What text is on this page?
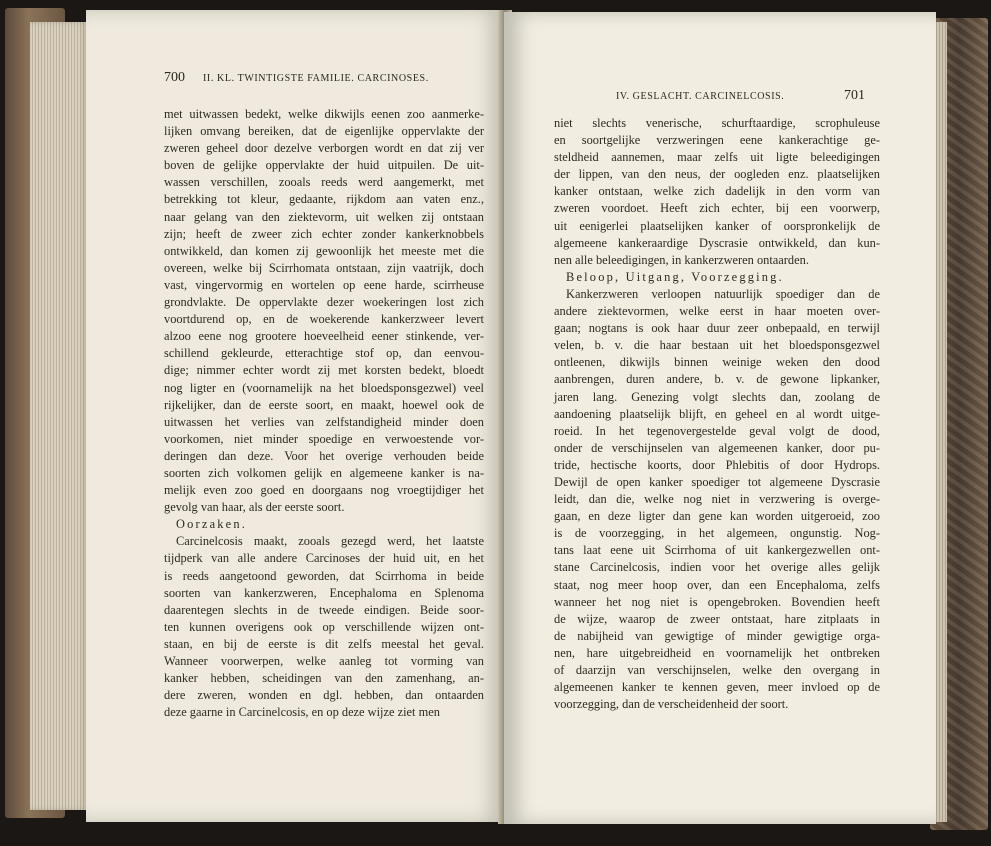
700 II. KL. TWINTIGSTE FAMILIE. CARCINOSES.
met uitwassen bedekt, welke dikwijls eenen zoo aanmerke-
lijken omvang bereiken, dat de eigenlijke oppervlakte der
zweren geheel door dezelve verborgen wordt en dat zij ver
boven de gelijke oppervlakte der huid uitpuilen. De uit-
wassen verschillen, zooals reeds werd aangemerkt, met
betrekking tot kleur, gedaante, rijkdom aan vaten enz.,
naar gelang van den ziektevorm, uit welken zij ontstaan
zijn; heeft de zweer zich echter zonder kankerknobbels
ontwikkeld, dan komen zij gewoonlijk het meeste met die
overeen, welke bij Scirrhomata ontstaan, zijn vaatrijk, doch
vast, vingervormig en wortelen op eene harde, scirrheuse
grondvlakte. De oppervlakte dezer woekeringen lost zich
voortdurend op, en de woekerende kankerzweer levert
alzoo eene nog grootere hoeveelheid eener stinkende, ver-
schillend gekleurde, etterachtige stof op, dan eenvou-
dige; nimmer echter wordt zij met korsten bedekt, bloedt
nog ligter en (voornamelijk na het bloedsponsgezwel) veel
rijkelijker, dan de eerste soort, en maakt, hoewel ook de
uitwassen het verlies van zelfstandigheid minder doen
voorkomen, niet minder spoedige en verwoestende vor-
deringen dan deze. Voor het overige verhouden beide
soorten zich volkomen gelijk en algemeene kanker is na-
melijk even zoo goed en doorgaans nog vroegtijdiger het
gevolg van haar, als der eerste soort.
Oorzaken.
Carcinelcosis maakt, zooals gezegd werd, het laatste
tijdperk van alle andere Carcinoses der huid uit, en het
is reeds aangetoond geworden, dat Scirrhoma in beide
soorten van kankerzweren, Encephaloma en Splenoma
daarentegen slechts in de tweede eindigen. Beide soor-
ten kunnen overigens ook op verschillende wijzen ont-
staan, en bij de eerste is dit zelfs meestal het geval.
Wanneer voorwerpen, welke aanleg tot vorming van
kanker hebben, scheidingen van den zamenhang, an-
dere zweren, wonden en dgl. hebben, dan ontaarden
deze gaarne in Carcinelcosis, en op deze wijze ziet men
IV. GESLACHT. CARCINELCOSIS.	701
niet slechts venerische, schurftaardige, scrophuleuse
en soortgelijke verzweringen eene kankerachtige ge-
steldheid aannemen, maar zelfs uit ligte beleedigingen
der lippen, van den neus, der oogleden enz. plaatselijken
kanker ontstaan, welke zich dadelijk in den vorm van
zweren voordoet. Heeft zich echter, bij een voorwerp,
uit eenigerlei plaatselijken kanker of oorspronkelijk de
algemeene kankeraardige Dyscrasie ontwikkeld, dan kun-
nen alle beleedigingen, in kankerzweren ontaarden.
Beloop, Uitgang, Voorzegging.
Kankerzweren verloopen natuurlijk spoediger dan de
andere ziektevormen, welke eerst in haar moeten over-
gaan; nogtans is ook haar duur zeer onbepaald, en terwijl
velen, b. v. die haar bestaan uit het bloedsponsgezwel
ontleenen, dikwijls binnen weinige weken den dood
aanbrengen, duren andere, b. v. de gewone lipkanker,
jaren lang. Genezing volgt slechts dan, zoolang de
aandoening plaatselijk blijft, en geheel en al wordt uitge-
roeid. In het tegenovergestelde geval volgt de dood,
onder de verschijnselen van algemeenen kanker, door pu-
tride, hectische koorts, door Phlebitis of door Hydrops.
Dewijl de open kanker spoediger tot algemeene Dyscrasie
leidt, dan die, welke nog niet in verzwering is overge-
gaan, en deze ligter dan gene kan worden uitgeroeid, zoo
is de voorzegging, in het algemeen, ongunstig. Nog-
tans laat eene uit Scirrhoma of uit kankergezwellen ont-
stane Carcinelcosis, indien voor het overige alles gelijk
staat, nog meer hoop over, dan een Encephaloma, zelfs
wanneer het nog niet is opengebroken. Bovendien heeft
de wijze, waarop de zweer ontstaat, hare zitplaats in
de nabijheid van gewigtige of minder gewigtige orga-
nen, hare uitgebreidheid en voornamelijk het ontbreken
of daarzijn van verschijnselen, welke den overgang in
algemeenen kanker te kennen geven, meer invloed op de
voorzegging, dan de verscheidenheid der soort.
